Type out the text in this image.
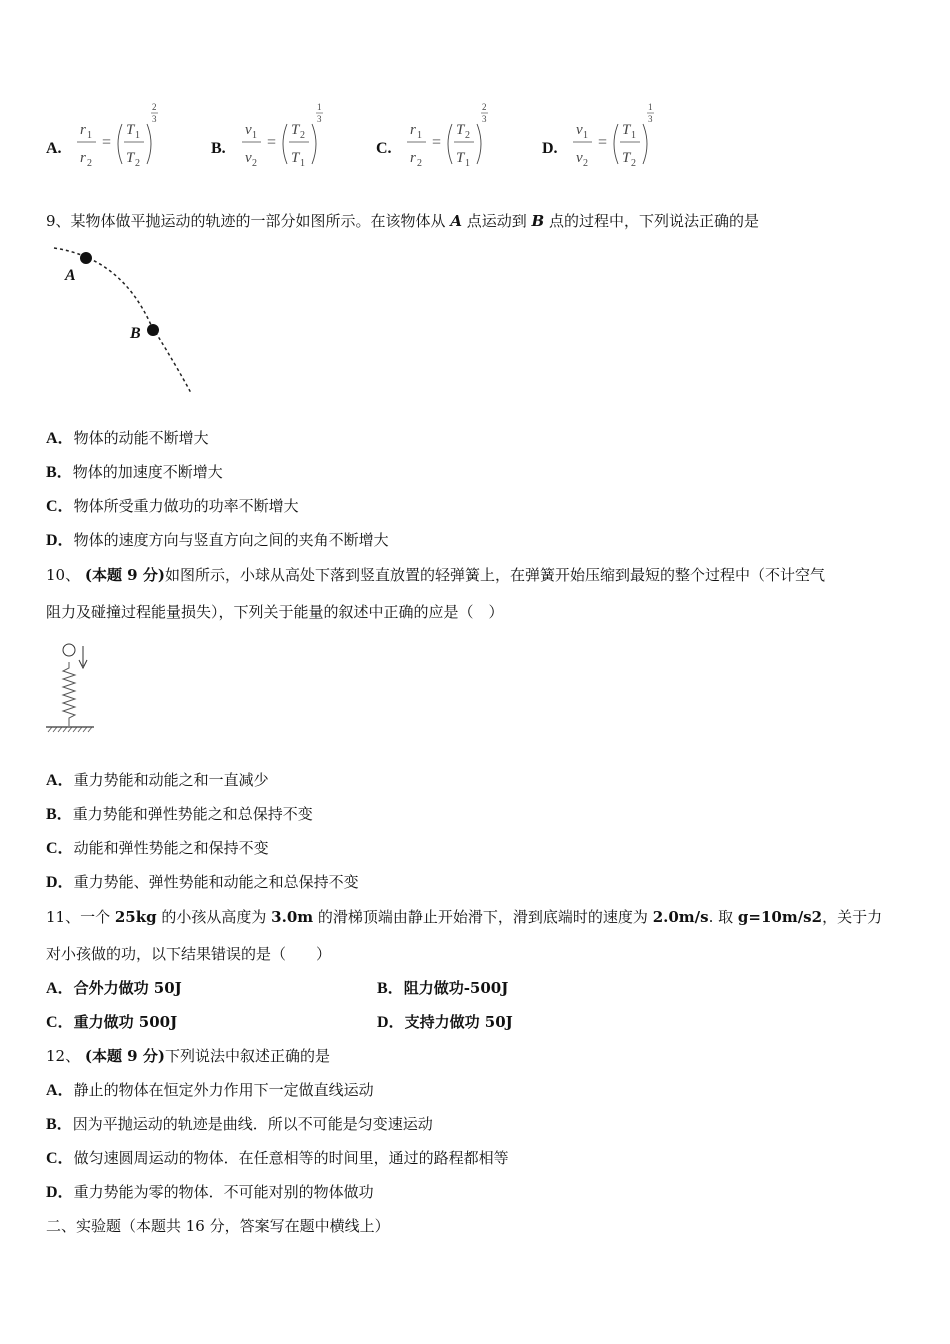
A.
r 1
r 2
=
T 1
T 2
2
3
B.
v 1
v 2
=
T 2
T 1
1
3
C.
r 1
r 2
=
T 2
T 1
2
3
D.
v 1
v 2
=
T 1
T 2
1
3
9、某物体做平抛运动的轨迹的一部分如图所示。在该物体从 A 点运动到 B 点的过程中，下列说法正确的是
A
B
A．物体的动能不断增大
B．物体的加速度不断增大
C．物体所受重力做功的功率不断增大
D．物体的速度方向与竖直方向之间的夹角不断增大
10、 (本题 9 分)如图所示，小球从高处下落到竖直放置的轻弹簧上，在弹簧开始压缩到最短的整个过程中（不计空气
阻力及碰撞过程能量损失），下列关于能量的叙述中正确的应是（　）
A．重力势能和动能之和一直减少
B．重力势能和弹性势能之和总保持不变
C．动能和弹性势能之和保持不变
D．重力势能、弹性势能和动能之和总保持不变
11、一个 25kg 的小孩从高度为 3.0m 的滑梯顶端由静止开始滑下，滑到底端时的速度为 2.0m/s. 取 g=10m/s2，关于力
对小孩做的功，以下结果错误的是（　　）
A．合外力做功 50J	B．阻力做功-500J
C．重力做功 500J	D．支持力做功 50J
12、 (本题 9 分)下列说法中叙述正确的是
A．静止的物体在恒定外力作用下一定做直线运动
B．因为平抛运动的轨迹是曲线．所以不可能是匀变速运动
C．做匀速圆周运动的物体．在任意相等的时间里，通过的路程都相等
D．重力势能为零的物体．不可能对别的物体做功
二、实验题（本题共 16 分，答案写在题中横线上）
